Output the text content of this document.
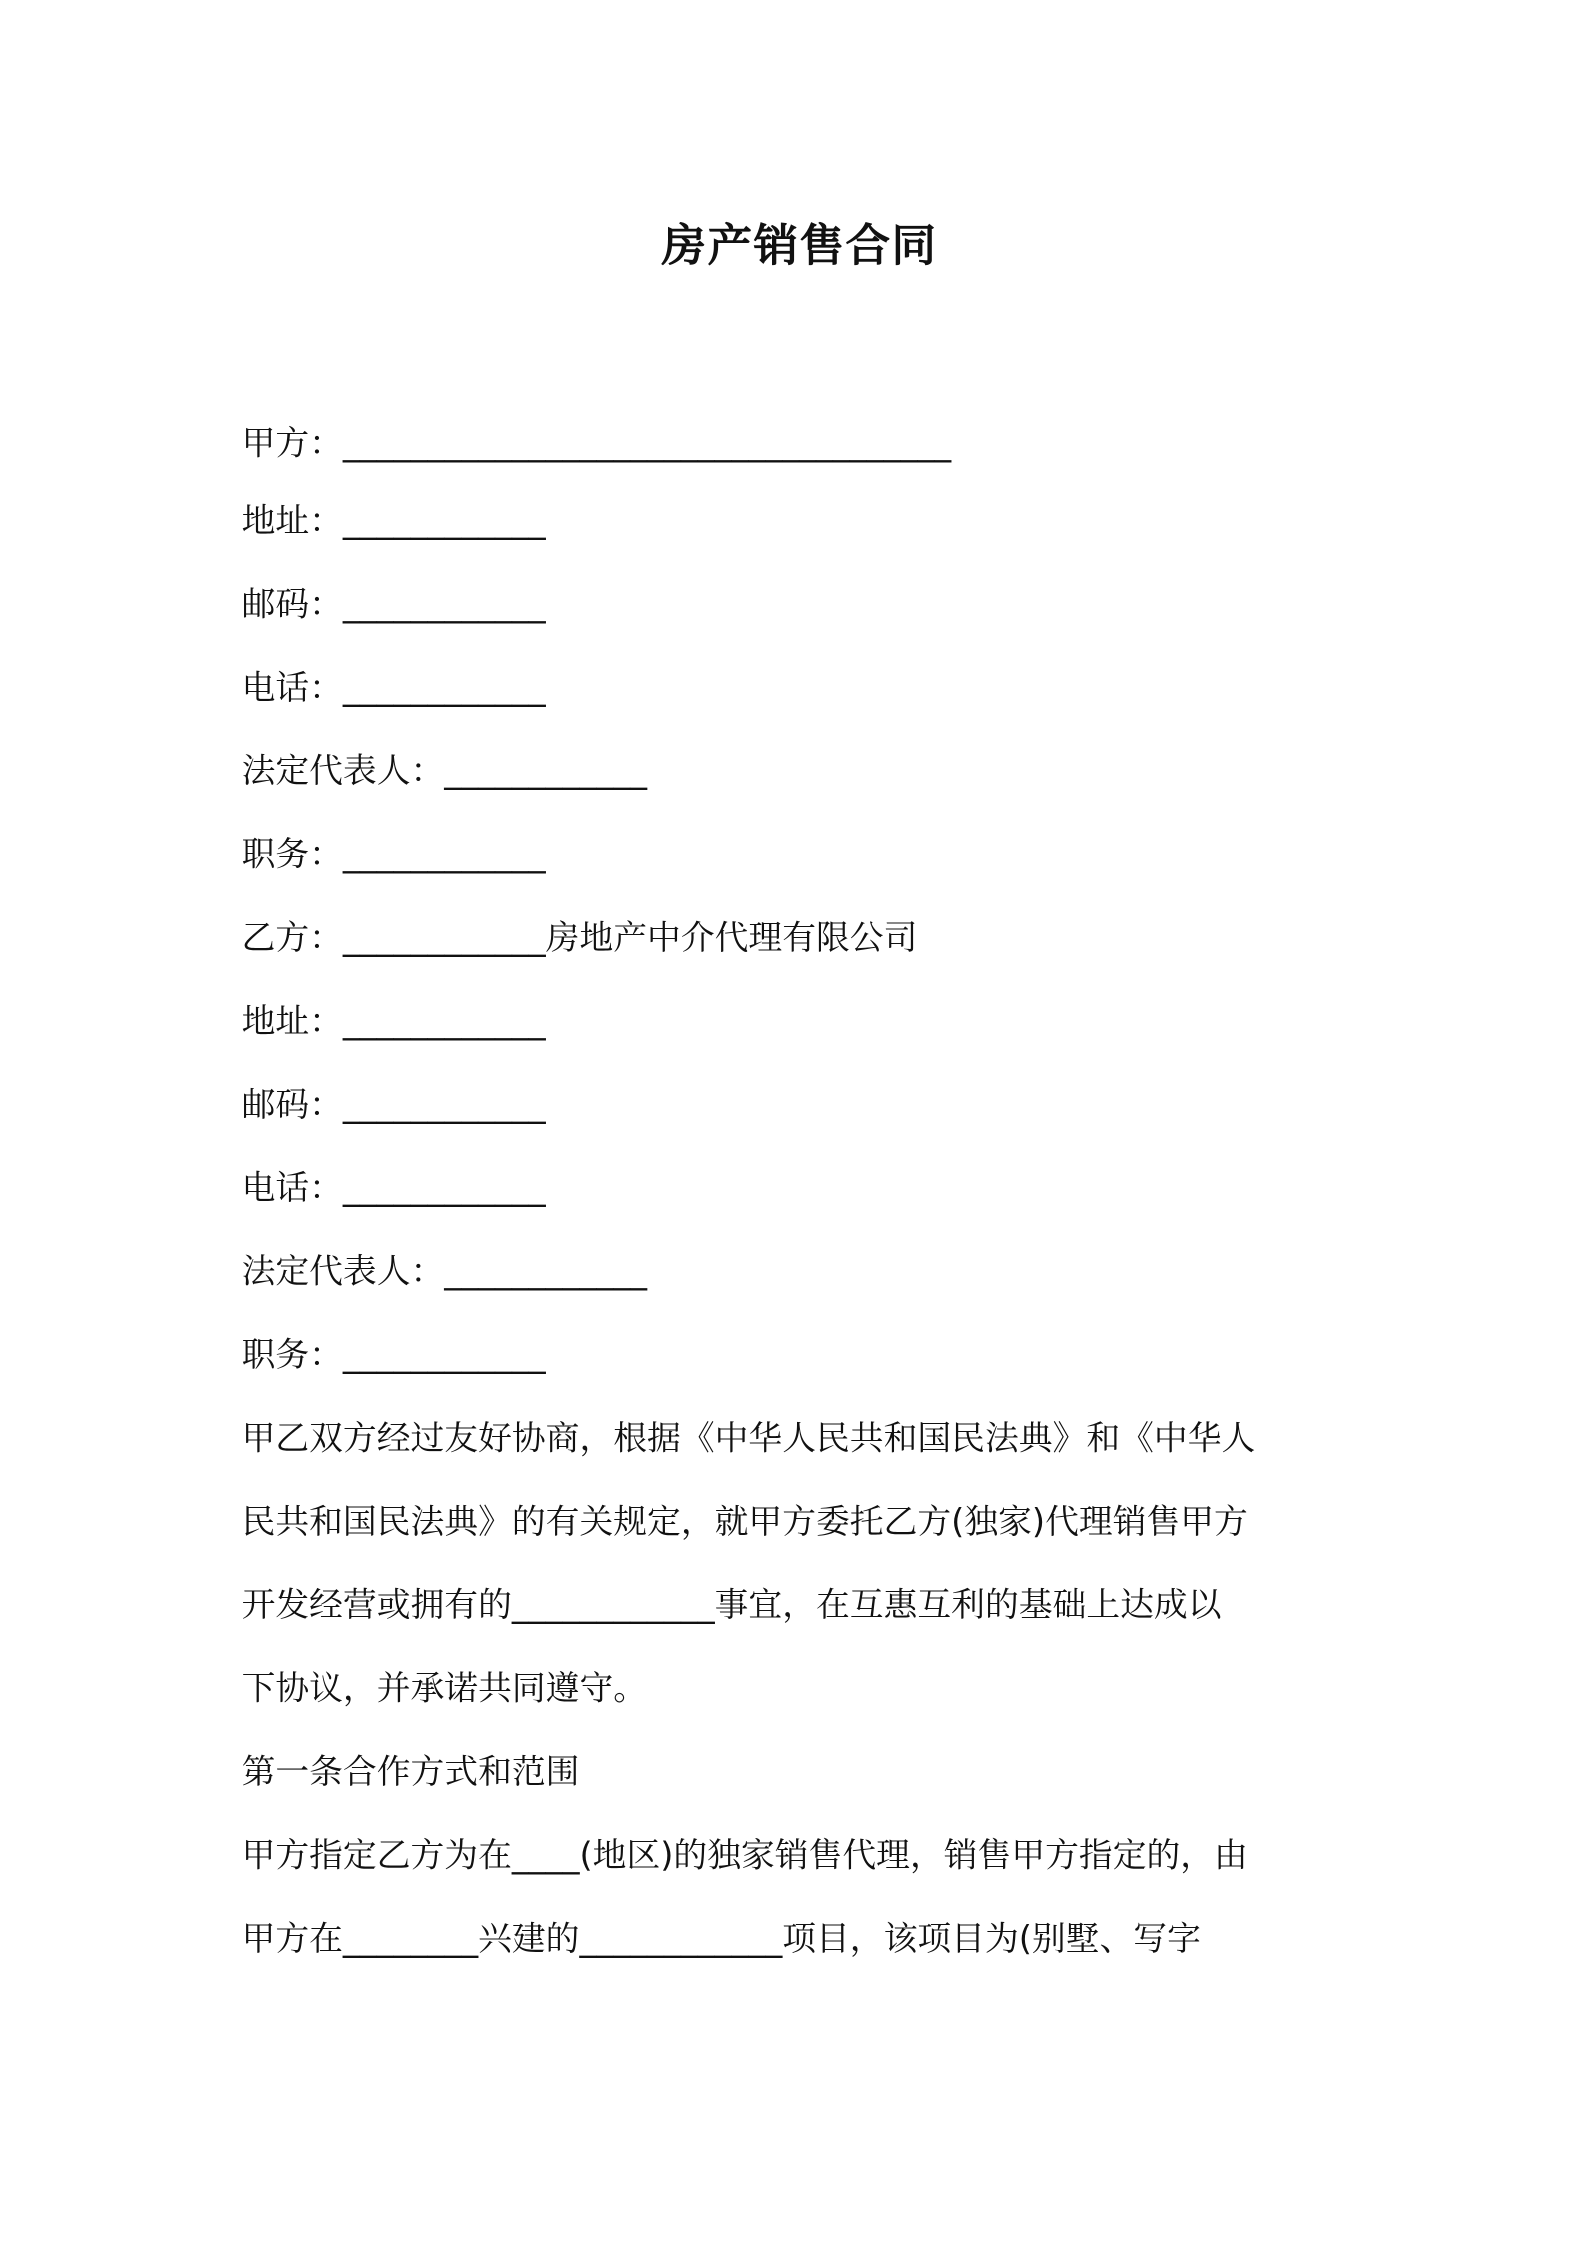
房产销售合同

甲方：____________________________________

地址：____________

邮码：____________

电话：____________

法定代表人：____________

职务：____________

乙方：____________房地产中介代理有限公司

地址：____________

邮码：____________

电话：____________

法定代表人：____________

职务：____________

甲乙双方经过友好协商，根据《中华人民共和国民法典》和《中华人

民共和国民法典》的有关规定，就甲方委托乙方(独家)代理销售甲方

开发经营或拥有的____________事宜，在互惠互利的基础上达成以

下协议，并承诺共同遵守。

第一条合作方式和范围

甲方指定乙方为在____(地区)的独家销售代理，销售甲方指定的，由

甲方在________兴建的____________项目，该项目为(别墅、写字
